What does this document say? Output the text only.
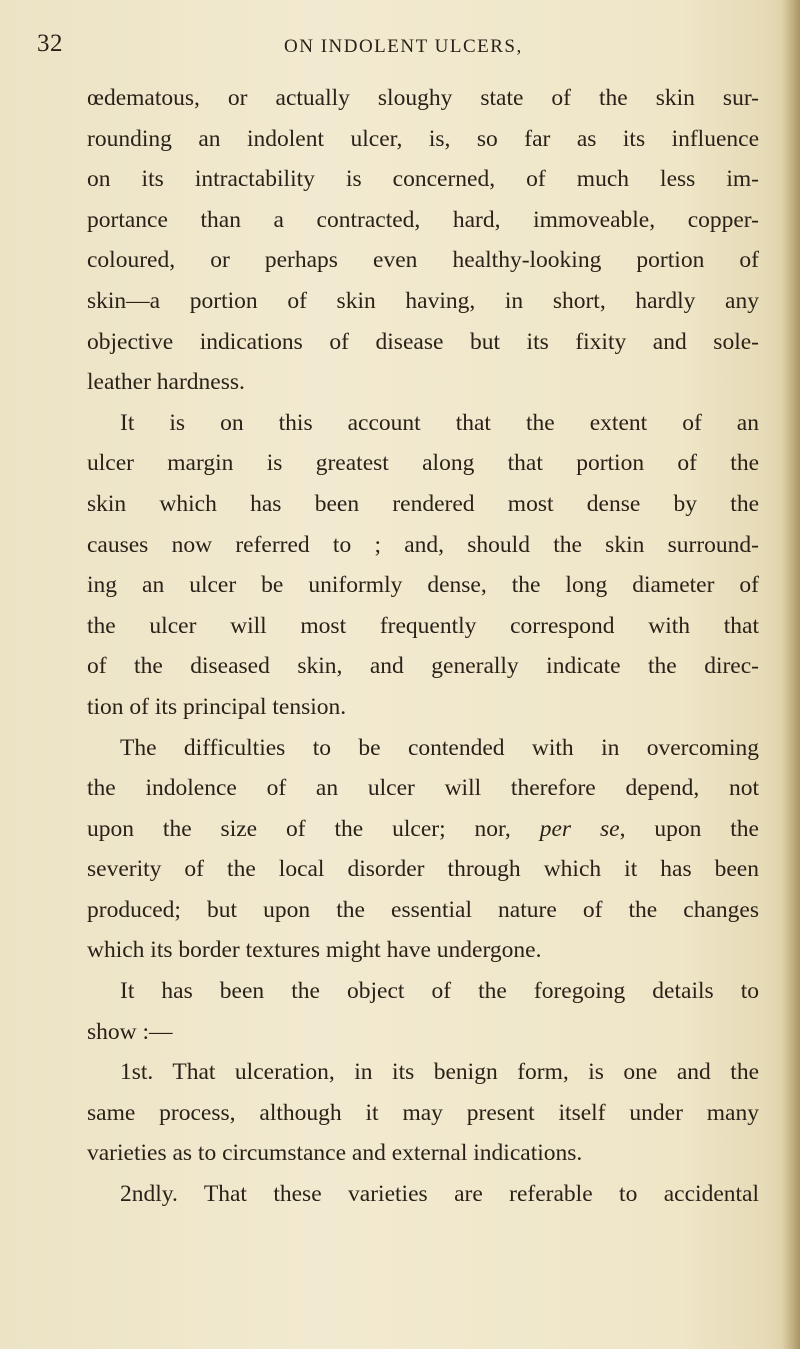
32	ON INDOLENT ULCERS,
œdematous, or actually sloughy state of the skin sur-
rounding an indolent ulcer, is, so far as its influence
on its intractability is concerned, of much less im-
portance than a contracted, hard, immoveable, copper-
coloured, or perhaps even healthy-looking portion of
skin—a portion of skin having, in short, hardly any
objective indications of disease but its fixity and sole-
leather hardness.
It is on this account that the extent of an
ulcer margin is greatest along that portion of the
skin which has been rendered most dense by the
causes now referred to ; and, should the skin surround-
ing an ulcer be uniformly dense, the long diameter of
the ulcer will most frequently correspond with that
of the diseased skin, and generally indicate the direc-
tion of its principal tension.
The difficulties to be contended with in overcoming
the indolence of an ulcer will therefore depend, not
upon the size of the ulcer; nor, per se, upon the
severity of the local disorder through which it has been
produced; but upon the essential nature of the changes
which its border textures might have undergone.
It has been the object of the foregoing details to
show :—
1st. That ulceration, in its benign form, is one and the
same process, although it may present itself under many
varieties as to circumstance and external indications.
2ndly. That these varieties are referable to accidental
